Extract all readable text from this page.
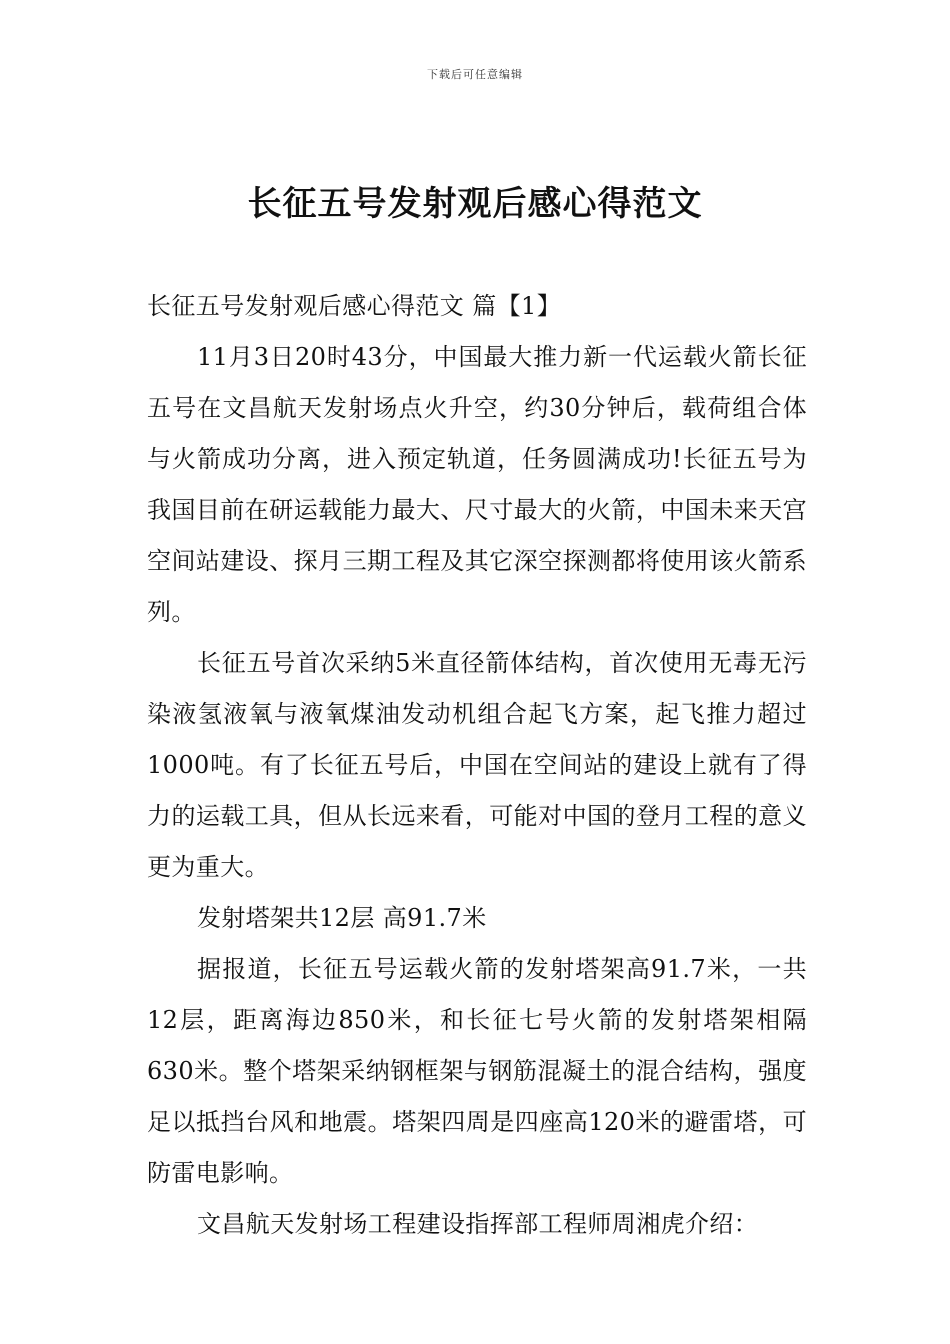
下载后可任意编辑
长征五号发射观后感心得范文

长征五号发射观后感心得范文 篇【1】

11月3日20时43分，中国最大推力新一代运载火箭长征五号在文昌航天发射场点火升空，约30分钟后，载荷组合体与火箭成功分离，进入预定轨道，任务圆满成功!长征五号为我国目前在研运载能力最大、尺寸最大的火箭，中国未来天宫空间站建设、探月三期工程及其它深空探测都将使用该火箭系列。

长征五号首次采纳5米直径箭体结构，首次使用无毒无污染液氢液氧与液氧煤油发动机组合起飞方案，起飞推力超过1000吨。有了长征五号后，中国在空间站的建设上就有了得力的运载工具，但从长远来看，可能对中国的登月工程的意义更为重大。

发射塔架共12层 高91.7米

据报道，长征五号运载火箭的发射塔架高91.7米，一共12层，距离海边850米，和长征七号火箭的发射塔架相隔630米。整个塔架采纳钢框架与钢筋混凝土的混合结构，强度足以抵挡台风和地震。塔架四周是四座高120米的避雷塔，可防雷电影响。

文昌航天发射场工程建设指挥部工程师周湘虎介绍：
